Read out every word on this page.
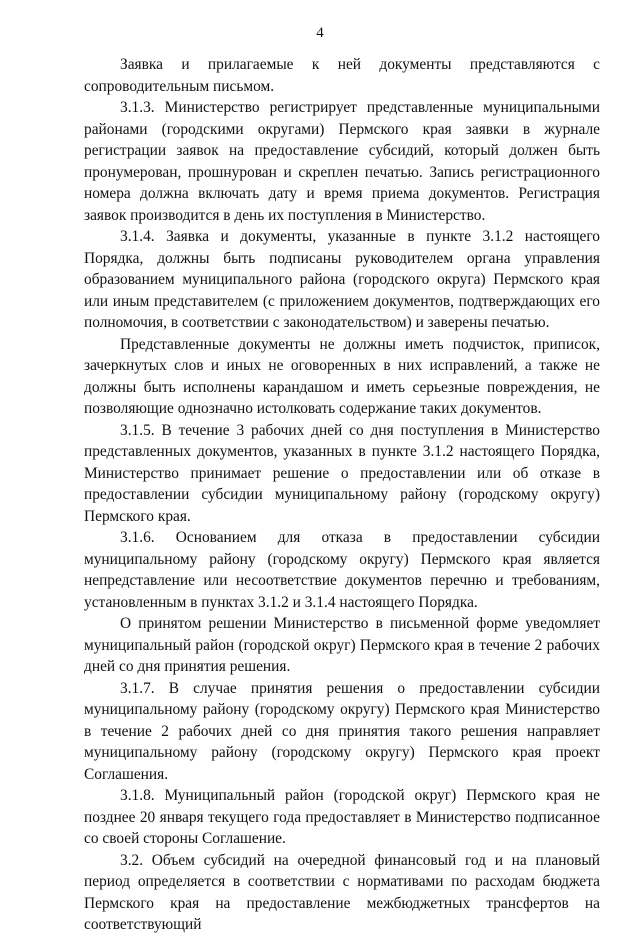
4

Заявка и прилагаемые к ней документы представляются с сопроводительным письмом.

3.1.3. Министерство регистрирует представленные муниципальными районами (городскими округами) Пермского края заявки в журнале регистрации заявок на предоставление субсидий, который должен быть пронумерован, прошнурован и скреплен печатью. Запись регистрационного номера должна включать дату и время приема документов. Регистрация заявок производится в день их поступления в Министерство.

3.1.4. Заявка и документы, указанные в пункте 3.1.2 настоящего Порядка, должны быть подписаны руководителем органа управления образованием муниципального района (городского округа) Пермского края или иным представителем (с приложением документов, подтверждающих его полномочия, в соответствии с законодательством) и заверены печатью.

Представленные документы не должны иметь подчисток, приписок, зачеркнутых слов и иных не оговоренных в них исправлений, а также не должны быть исполнены карандашом и иметь серьезные повреждения, не позволяющие однозначно истолковать содержание таких документов.

3.1.5. В течение 3 рабочих дней со дня поступления в Министерство представленных документов, указанных в пункте 3.1.2 настоящего Порядка, Министерство принимает решение о предоставлении или об отказе в предоставлении субсидии муниципальному району (городскому округу) Пермского края.

3.1.6. Основанием для отказа в предоставлении субсидии муниципальному району (городскому округу) Пермского края является непредставление или несоответствие документов перечню и требованиям, установленным в пунктах 3.1.2 и 3.1.4 настоящего Порядка.

О принятом решении Министерство в письменной форме уведомляет муниципальный район (городской округ) Пермского края в течение 2 рабочих дней со дня принятия решения.

3.1.7. В случае принятия решения о предоставлении субсидии муниципальному району (городскому округу) Пермского края Министерство в течение 2 рабочих дней со дня принятия такого решения направляет муниципальному району (городскому округу) Пермского края проект Соглашения.

3.1.8. Муниципальный район (городской округ) Пермского края не позднее 20 января текущего года предоставляет в Министерство подписанное со своей стороны Соглашение.

3.2. Объем субсидий на очередной финансовый год и на плановый период определяется в соответствии с нормативами по расходам бюджета Пермского края на предоставление межбюджетных трансфертов на соответствующий
